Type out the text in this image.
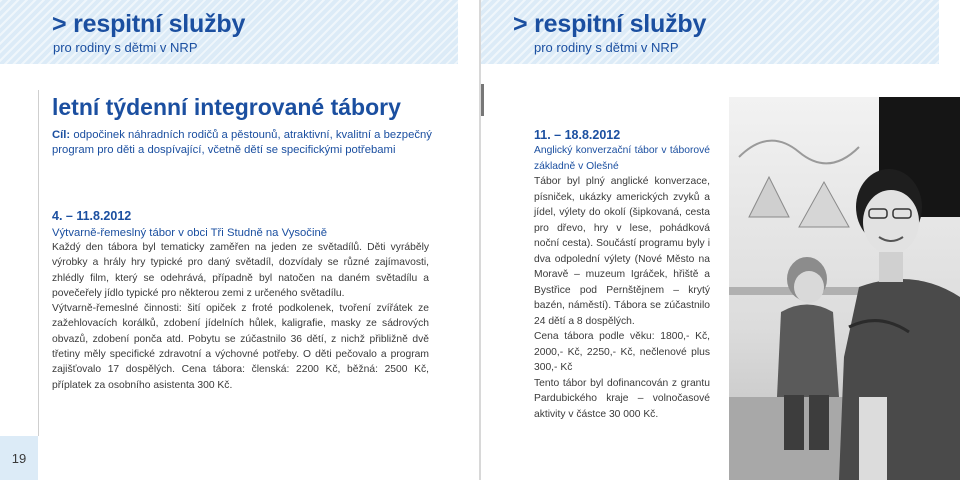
> respitní služby
pro rodiny s dětmi v NRP
letní týdenní integrované tábory
Cíl: odpočinek náhradních rodičů a pěstounů, atraktivní, kvalitní a bezpečný program pro děti a dospívající, včetně dětí se specifickými potřebami
4. – 11.8.2012
Výtvarně-řemeslný tábor v obci Tři Studně na Vysočině

Každý den tábora byl tematicky zaměřen na jeden ze světadílů. Děti vyráběly výrobky a hrály hry typické pro daný světadíl, dozvídaly se různé zajímavosti, zhlédly film, který se odehrává, případně byl natočen na daném světadílu a povečeřely jídlo typické pro některou zemi z určeného světadílu.

Výtvarně-řemeslné činnosti: šití opiček z froté podkolenek, tvoření zvířátek ze zažehlovacích korálků, zdobení jídelních hůlek, kaligrafie, masky ze sádrových obvazů, zdobení ponča atd. Pobytu se zúčastnilo 36 dětí, z nichž přibližně dvě třetiny měly specifické zdravotní a výchovné potřeby. O děti pečovalo a program zajišťovalo 17 dospělých. Cena tábora: členská: 2200 Kč, běžná: 2500 Kč, příplatek za osobního asistenta 300 Kč.

19
> respitní služby
pro rodiny s dětmi v NRP
11. – 18.8.2012

Anglický konverzační tábor v táborové základně v Olešné

Tábor byl plný anglické konverzace, písniček, ukázky amerických zvyků a jídel, výlety do okolí (šipkovaná, cesta pro dřevo, hry v lese, pohádková noční cesta). Součástí programu byly i dva odpolední výlety (Nové Město na Moravě – muzeum Igráček, hřiště a Bystřice pod Pernštějnem – krytý bazén, náměstí). Tábora se zúčastnilo 24 dětí a 8 dospělých.

Cena tábora podle věku: 1800,- Kč, 2000,- Kč, 2250,- Kč, nečlenové plus 300,- Kč

Tento tábor byl dofinancován z grantu Pardubického kraje – volnočasové aktivity v částce 30 000 Kč.
